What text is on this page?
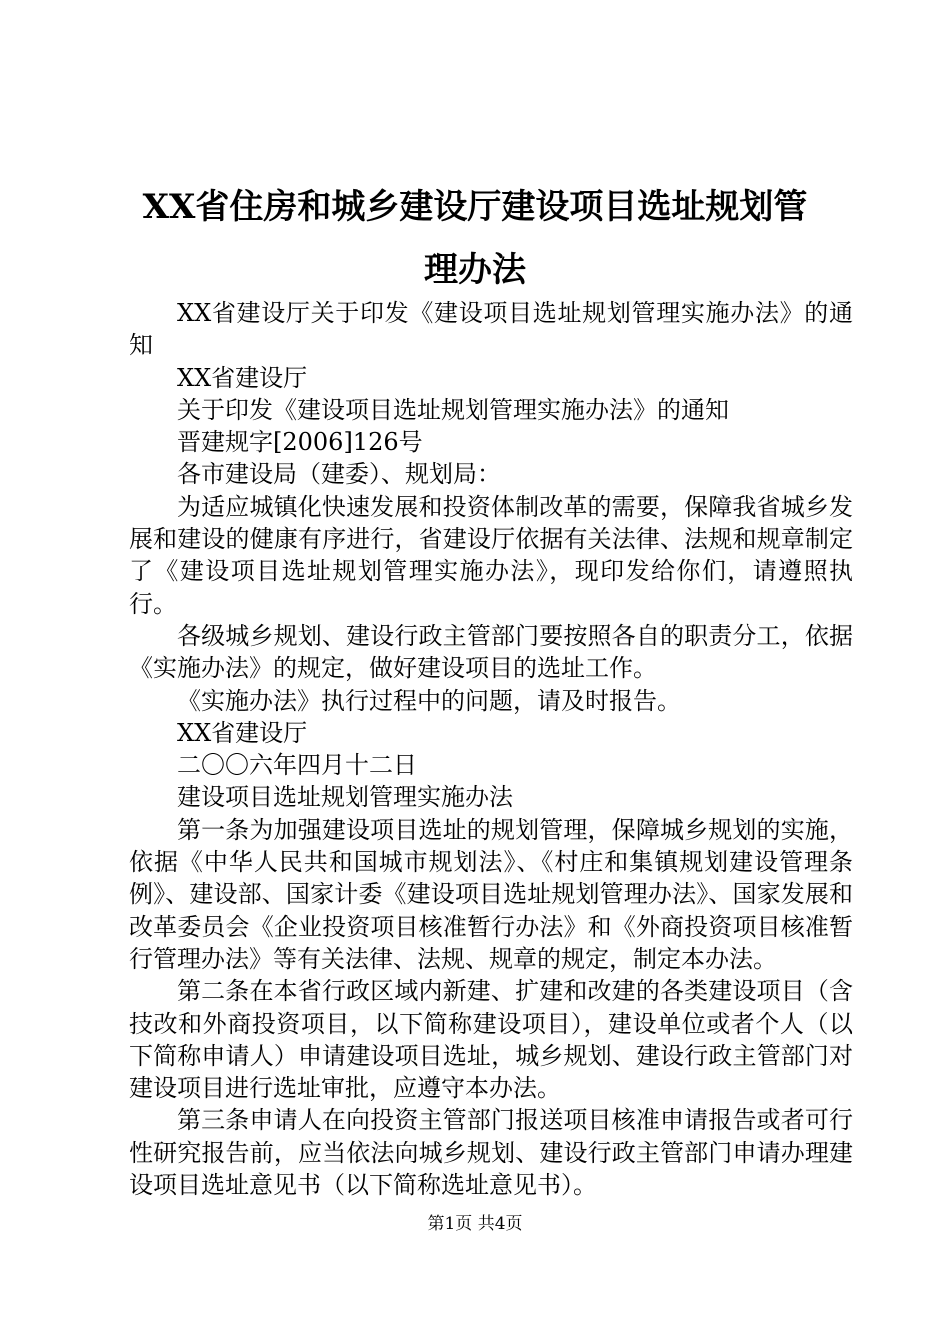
XX省住房和城乡建设厅建设项目选址规划管
理办法

XX省建设厅关于印发《建设项目选址规划管理实施办法》的通知

XX省建设厅

关于印发《建设项目选址规划管理实施办法》的通知

晋建规字[2006]126号

各市建设局（建委）、规划局：

为适应城镇化快速发展和投资体制改革的需要，保障我省城乡发展和建设的健康有序进行，省建设厅依据有关法律、法规和规章制定了《建设项目选址规划管理实施办法》，现印发给你们，请遵照执行。

各级城乡规划、建设行政主管部门要按照各自的职责分工，依据《实施办法》的规定，做好建设项目的选址工作。

《实施办法》执行过程中的问题，请及时报告。

XX省建设厅

二〇〇六年四月十二日

建设项目选址规划管理实施办法

第一条为加强建设项目选址的规划管理，保障城乡规划的实施，依据《中华人民共和国城市规划法》、《村庄和集镇规划建设管理条例》、建设部、国家计委《建设项目选址规划管理办法》、国家发展和改革委员会《企业投资项目核准暂行办法》和《外商投资项目核准暂行管理办法》等有关法律、法规、规章的规定，制定本办法。

第二条在本省行政区域内新建、扩建和改建的各类建设项目（含技改和外商投资项目，以下简称建设项目），建设单位或者个人（以下简称申请人）申请建设项目选址，城乡规划、建设行政主管部门对建设项目进行选址审批，应遵守本办法。

第三条申请人在向投资主管部门报送项目核准申请报告或者可行性研究报告前，应当依法向城乡规划、建设行政主管部门申请办理建设项目选址意见书（以下简称选址意见书）。

第1页 共4页
